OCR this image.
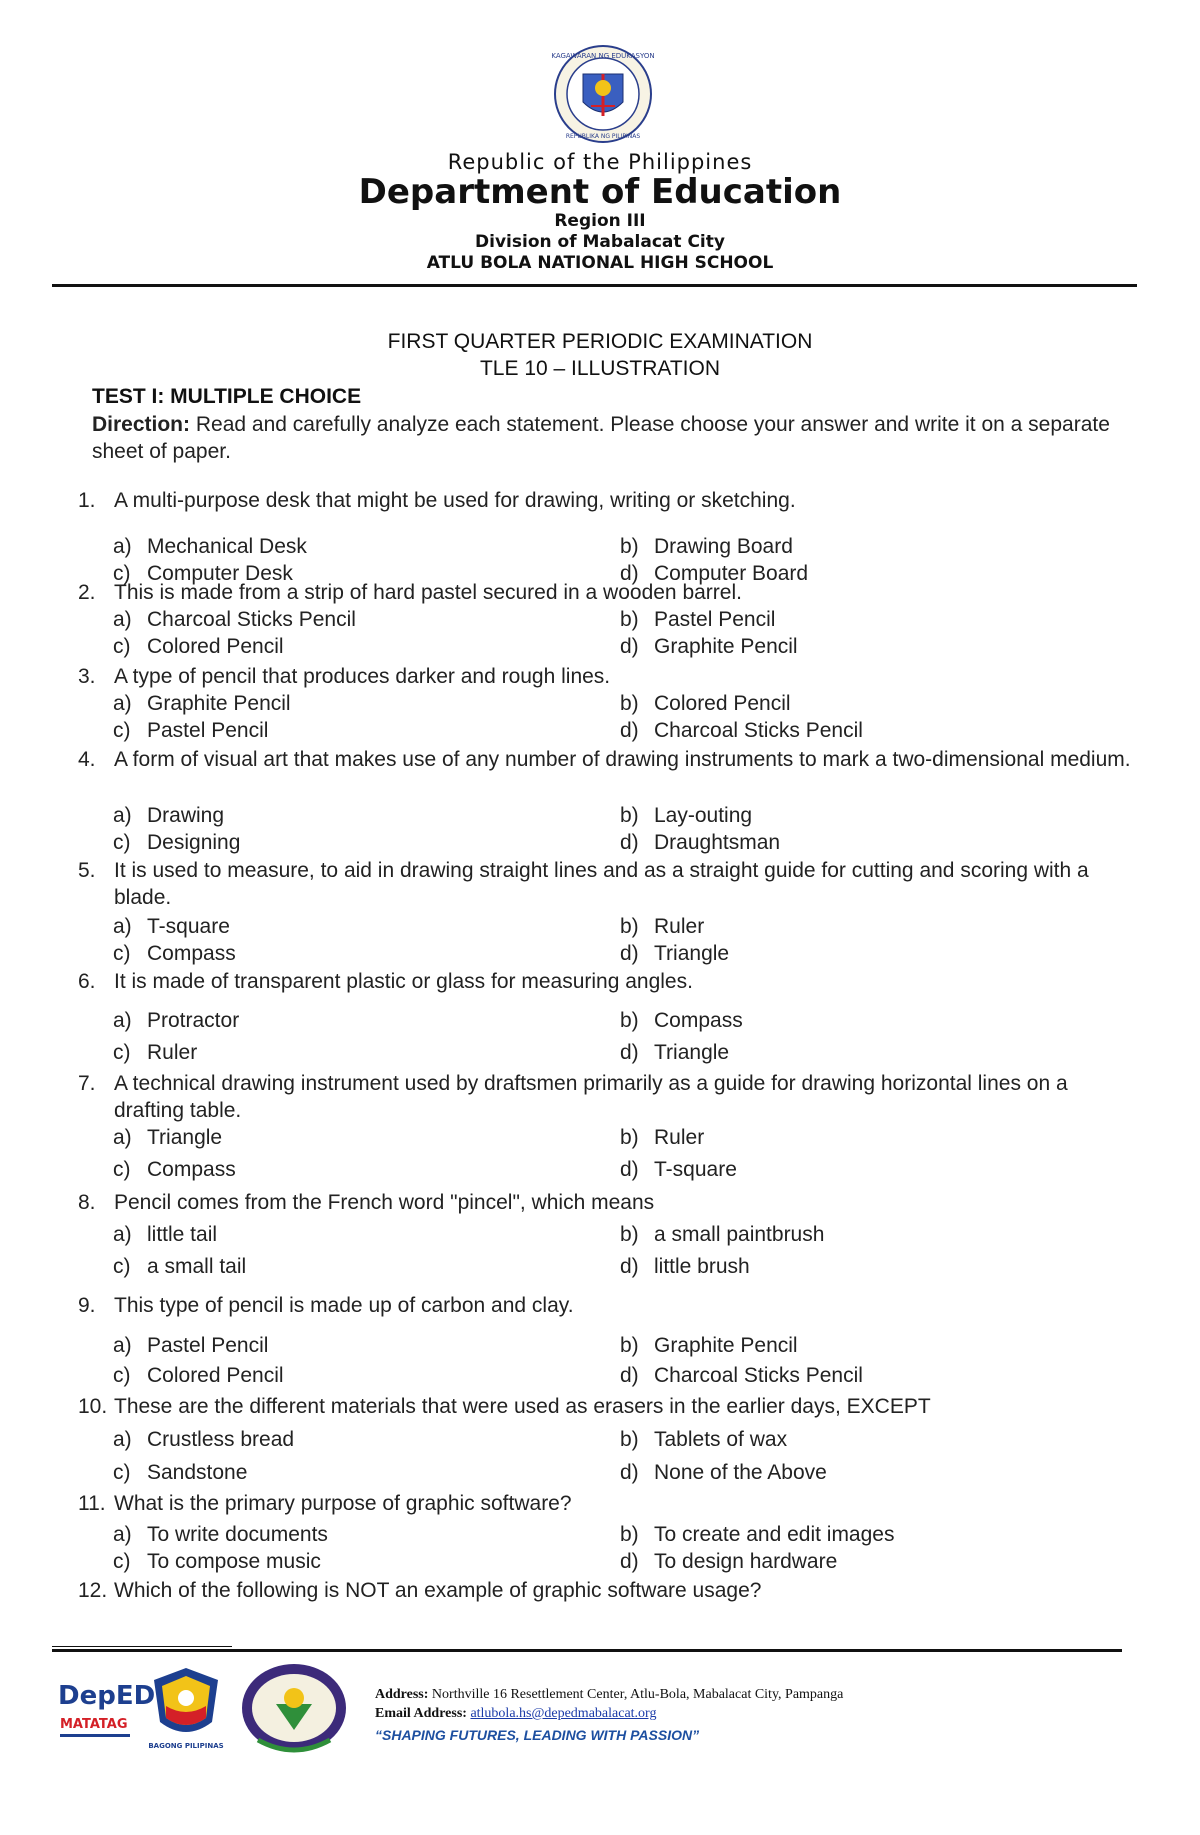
KAGAWARAN NG EDUKASYON
REPUBLIKA NG PILIPINAS
Republic of the Philippines
Department of Education
Region III
Division of Mabalacat City
ATLU BOLA NATIONAL HIGH SCHOOL
FIRST QUARTER PERIODIC EXAMINATION
TLE 10 – ILLUSTRATION
TEST I: MULTIPLE CHOICE
Direction: Read and carefully analyze each statement. Please choose your answer and write it on a separate sheet of paper.
1. A multi-purpose desk that might be used for drawing, writing or sketching.
a) Mechanical Desk	b) Drawing Board
c) Computer Desk	d) Computer Board
2. This is made from a strip of hard pastel secured in a wooden barrel.
a) Charcoal Sticks Pencil	b) Pastel Pencil
c) Colored Pencil	d) Graphite Pencil
3. A type of pencil that produces darker and rough lines.
a) Graphite Pencil	b) Colored Pencil
c) Pastel Pencil	d) Charcoal Sticks Pencil
4. A form of visual art that makes use of any number of drawing instruments to mark a two-dimensional medium.
a) Drawing	b) Lay-outing
c) Designing	d) Draughtsman
5. It is used to measure, to aid in drawing straight lines and as a straight guide for cutting and scoring with a blade.
a) T-square	b) Ruler
c) Compass	d) Triangle
6. It is made of transparent plastic or glass for measuring angles.
a) Protractor	b) Compass
c) Ruler	d) Triangle
7. A technical drawing instrument used by draftsmen primarily as a guide for drawing horizontal lines on a drafting table.
a) Triangle	b) Ruler
c) Compass	d) T-square
8. Pencil comes from the French word "pincel", which means
a) little tail	b) a small paintbrush
c) a small tail	d) little brush
9. This type of pencil is made up of carbon and clay.
a) Pastel Pencil	b) Graphite Pencil
c) Colored Pencil	d) Charcoal Sticks Pencil
10. These are the different materials that were used as erasers in the earlier days, EXCEPT
a) Crustless bread	b) Tablets of wax
c) Sandstone	d) None of the Above
11. What is the primary purpose of graphic software?
a) To write documents	b) To create and edit images
c) To compose music	d) To design hardware
12. Which of the following is NOT an example of graphic software usage?
DepED
MATATAG
BAGONG PILIPINAS
Address: Northville 16 Resettlement Center, Atlu-Bola, Mabalacat City, Pampanga
Email Address: atlubola.hs@depedmabalacat.org
“SHAPING FUTURES, LEADING WITH PASSION”
